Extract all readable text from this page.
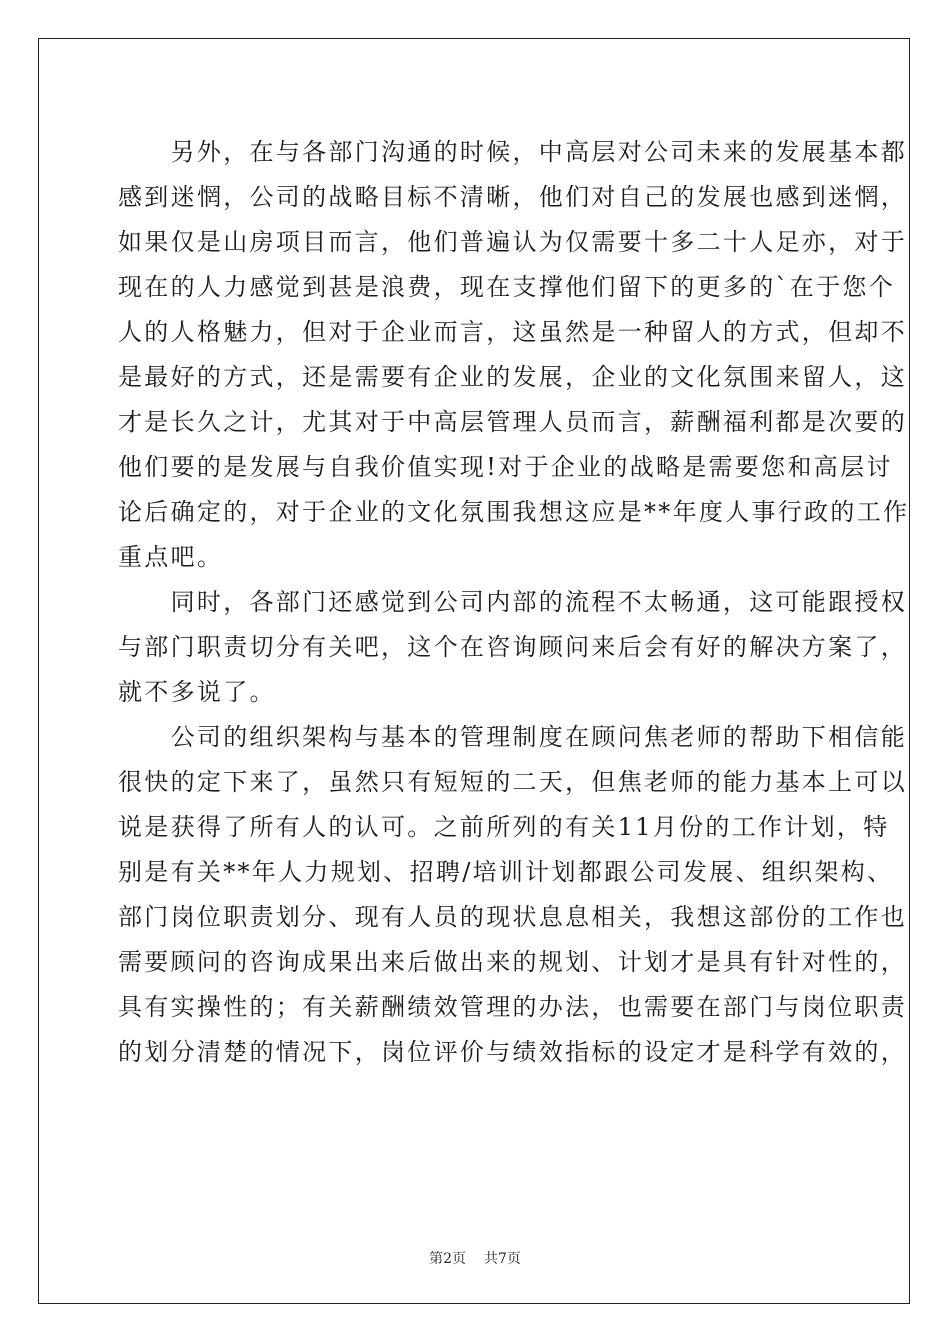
　　另外，在与各部门沟通的时候，中高层对公司未来的发展基本都
感到迷惘，公司的战略目标不清晰，他们对自己的发展也感到迷惘，
如果仅是山房项目而言，他们普遍认为仅需要十多二十人足亦，对于
现在的人力感觉到甚是浪费，现在支撑他们留下的更多的`在于您个
人的人格魅力，但对于企业而言，这虽然是一种留人的方式，但却不
是最好的方式，还是需要有企业的发展，企业的文化氛围来留人，这
才是长久之计，尤其对于中高层管理人员而言，薪酬福利都是次要的
他们要的是发展与自我价值实现!对于企业的战略是需要您和高层讨
论后确定的，对于企业的文化氛围我想这应是**年度人事行政的工作
重点吧。
　　同时，各部门还感觉到公司内部的流程不太畅通，这可能跟授权
与部门职责切分有关吧，这个在咨询顾问来后会有好的解决方案了，
就不多说了。
　　公司的组织架构与基本的管理制度在顾问焦老师的帮助下相信能
很快的定下来了，虽然只有短短的二天，但焦老师的能力基本上可以
说是获得了所有人的认可。之前所列的有关11月份的工作计划，特
别是有关**年人力规划、招聘/培训计划都跟公司发展、组织架构、
部门岗位职责划分、现有人员的现状息息相关，我想这部份的工作也
需要顾问的咨询成果出来后做出来的规划、计划才是具有针对性的，
具有实操性的；有关薪酬绩效管理的办法，也需要在部门与岗位职责
的划分清楚的情况下，岗位评价与绩效指标的设定才是科学有效的，
第2页 共7页
